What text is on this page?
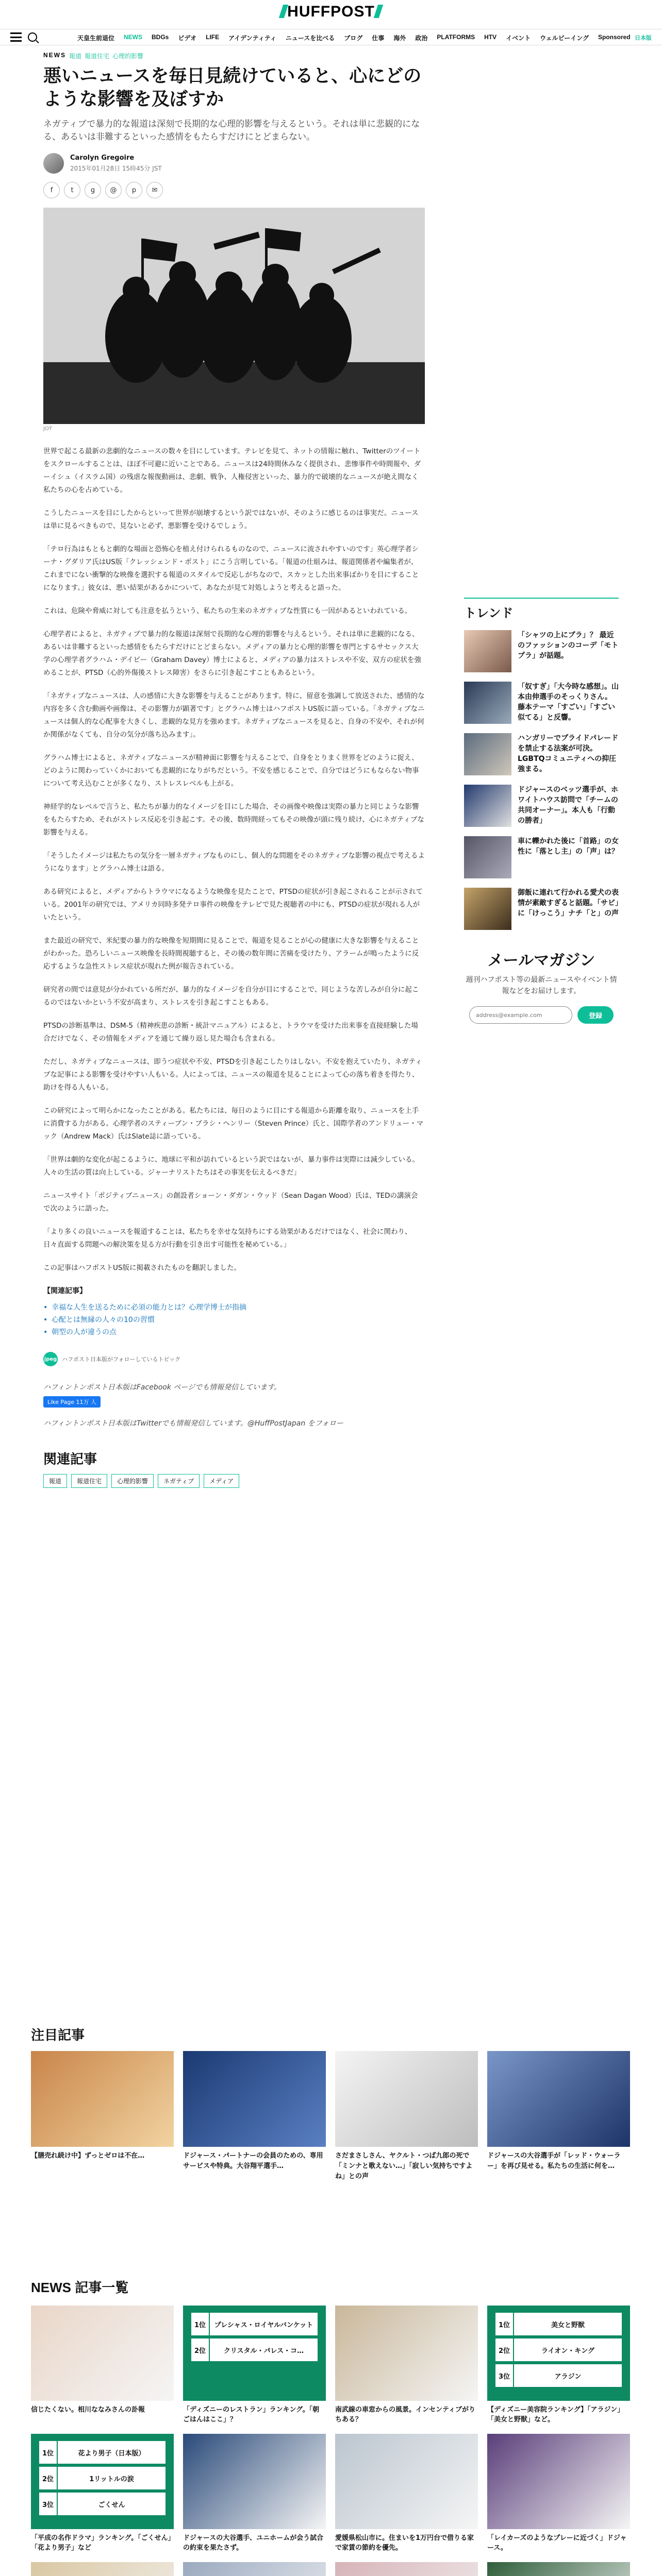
HUFFPOST
天皇生前退位 NEWS BDGs ビデオ LIFE アイデンティティ ニュースを比べる ブログ 仕事 海外 政治 PLATFORMS HTV イベント ウェルビーイング Sponsored 日本版
NEWS 報道 報道住宅 心理的影響
悪いニュースを毎日見続けていると、心にどのような影響を及ぼすか
ネガティブで暴力的な報道は深刻で長期的な心理的影響を与えるという。それは単に悲観的になる、あるいは非難するといった感情をもたらすだけにとどまらない。
Carolyn Gregoire
2015年01月28日 15時45分 JST
f	t	g	@	p	✉
JOT

世界で起こる最新の悲劇的なニュースの数々を目にしています。テレビを見て、ネットの情報に触れ、Twitterのツイートをスクロールすることは、ほぼ不可避に近いことである。ニュースは24時間休みなく提供され、悲惨事件や時間報や、ダーイシュ（イスラム国）の残虐な報復動画は、悲劇、戦争、人権侵害といった、暴力的で破壊的なニュースが絶え間なく私たちの心を占めている。

こうしたニュースを目にしたからといって世界が崩壊するという訳ではないが、そのように感じるのは事実だ。ニュースは単に見るべきもので、見ないと必ず、悪影響を受けるでしょう。

「テロ行為はもともと劇的な場面と恐怖心を植え付けられるものなので、ニュースに流されやすいのです」英心理学者シーナ・グダリア氏はUS版「クレッシェンド・ポスト」にこう言明している。「報道の仕組みは、報道関係者や編集者が、これまでにない衝撃的な映像を選択する報道のスタイルで反応しがちなので、スカッとした出来事ばかりを目にすることになります。」彼女は、悪い結果があるかについて、あなたが見て対処しようと考えると語った。

これは、危険や脅威に対しても注意を払うという、私たちの生来のネガティブな性質にも一因があるといわれている。

心理学者によると、ネガティブで暴力的な報道は深刻で長期的な心理的影響を与えるという。それは単に悲観的になる、あるいは非難するといった感情をもたらすだけにとどまらない。メディアの暴力と心理的影響を専門とするサセックス大学の心理学者グラハム・デイビー（Graham Davey）博士によると、メディアの暴力はストレスや不安、双方の症状を強めることが、PTSD（心的外傷後ストレス障害）をさらに引き起こすこともあるという。

「ネガティブなニュースは、人の感情に大きな影響を与えることがあります。特に、留意を強調して放送された、感情的な内容を多く含む動画や画像は、その影響力が顕著です」とグラハム博士はハフポストUS版に語っている。「ネガティブなニュースは個人的な心配事を大きくし、悲観的な見方を強めます。ネガティブなニュースを見ると、自身の不安や、それが何か関係がなくても、自分の気分が落ち込みます」。

グラハム博士によると、ネガティブなニュースが精神面に影響を与えることで、自身をとりまく世界をどのように捉え、どのように関わっていくかにおいても悲観的になりがちだという。不安を感じることで、自分ではどうにもならない物事について考え込むことが多くなり、ストレスレベルも上がる。

神経学的なレベルで言うと、私たちが暴力的なイメージを目にした場合、その画像や映像は実際の暴力と同じような影響をもたらすため、それがストレス反応を引き起こす。その後、数時間経ってもその映像が頭に残り続け、心にネガティブな影響を与える。

「そうしたイメージは私たちの気分を一層ネガティブなものにし、個人的な問題をそのネガティブな影響の視点で考えるようになります」とグラハム博士は語る。

ある研究によると、メディアからトラウマになるような映像を見たことで、PTSDの症状が引き起こされることが示されている。2001年の研究では、アメリカ同時多発テロ事件の映像をテレビで見た視聴者の中にも、PTSDの症状が現れる人がいたという。

また最近の研究で、米紀要の暴力的な映像を短期間に見ることで、報道を見ることが心の健康に大きな影響を与えることがわかった。恐ろしいニュース映像を長時間視聴すると、その後の数年間に苦痛を受けたり、アラームが鳴ったように反応するような急性ストレス症状が現れた例が報告されている。

研究者の間では意見が分かれている所だが、暴力的なイメージを自分が目にすることで、同じような苦しみが自分に起こるのではないかという不安が高まり、ストレスを引き起こすこともある。

PTSDの診断基準は、DSM-5（精神疾患の診断・統計マニュアル）によると、トラウマを受けた出来事を直接経験した場合だけでなく、その情報をメディアを通じて繰り返し見た場合も含まれる。

ただし、ネガティブなニュースは、即うつ症状や不安、PTSDを引き起こしたりはしない。不安を抱えていたり、ネガティブな記事による影響を受けやすい人もいる。人によっては、ニュースの報道を見ることによって心の落ち着きを得たり、助けを得る人もいる。

この研究によって明らかになったことがある。私たちには、毎日のように目にする報道から距離を取り、ニュースを上手に消費する力がある。心理学者のスティーブン・ブラシ・ヘンリー（Steven Prince）氏と、国際学者のアンドリュー・マック（Andrew Mack）氏はSlate誌に語っている。

「世界は劇的な変化が起こるように、地球に平和が訪れているという訳ではないが、暴力事件は実際には減少している。人々の生活の質は向上している。ジャーナリストたちはその事実を伝えるべきだ」

ニュースサイト「ポジティブニュース」の創設者ショーン・ダガン・ウッド（Sean Dagan Wood）氏は、TEDの講演会で次のように語った。

「より多くの良いニュースを報道することは、私たちを幸せな気持ちにする効果があるだけではなく、社会に関わり、日々直面する問題への解決策を見る方が行動を引き出す可能性を秘めている。」

この記事はハフポストUS版に掲載されたものを翻訳しました。

【関連記事】
• 幸福な人生を送るために必須の能力とは？心理学博士が指摘
• 心配とは無縁の人々の10の習慣
• 朝型の人が違うの点
jpeg ハフポスト日本版がフォローしているトピック
ハフィントンポスト日本版はFacebook ページでも情報発信しています。
Like Page 11万 人
ハフィントンポスト日本版はTwitterでも情報発信しています。@HuffPostJapan をフォロー
関連記事
報道	報道住宅	心理的影響	ネガティブ	メディア
トレンド
「シャツの上にブラ」？ 最近のファッションのコーデ「モトプラ」が話題。
「奴すぎ」「大今時な感想」。山本由伸選手のそっくりさん。藤本テーマ「すごい」「すごい似てる」と反響。
ハンガリーでプライドパレードを禁止する法案が可決。LGBTQコミュニティへの抑圧強まる。
ドジャースのベッツ選手が、ホワイトハウス訪問で「チームの共同オーナー」。本人も「行動の勝者」
車に轢かれた後に「首路」の女性に「落とし主」の「声」は？
御飯に連れて行かれる愛犬の表情が素敵すぎると話題。「サビ」に「けっこう」ナチ「と」の声
メールマガジン
週刊ハフポスト等の最新ニュースやイベント情報などをお届けします。
address@example.com
登録
注目記事
【膳売れ続け中】ずっとゼロは不在…	ドジャース・パートナーの会員のための、専用サービスや特典。大谷翔平選手…
さだまさしさん、ヤクルト・つば九郎の死で「ミンナと歌えない…」「寂しい気持ちですよね」との声
ドジャースの大谷選手が「レッド・ウォーラー」を再び見せる。私たちの生活に何を…
NEWS 記事一覧
信じたくない。相川ななみさんの訃報
1位	プレシャス・ロイヤルバンケット
2位	クリスタル・パレス・コ…
「ディズニーのレストラン」ランキング。「朝ごはんはここ」？
南武線の車窓からの風景。インセンティブがりちある？
1位	美女と野獣
2位	ライオン・キング
3位	アラジン
【ディズニー美容院ランキング】「アラジン」「美女と野獣」など。
1位	花より男子（日本版）
2位	1リットルの涙
3位	ごくせん
「平成の名作ドラマ」ランキング。「ごくせん」「花より男子」など
ドジャースの大谷選手、ユニホームが会う試合の約束を果たさず。
愛媛県松山市に。住まいを1万円台で借りる家で家賃の節約を優先。
「レイカーズのようなプレーに近づく」ドジャース。
